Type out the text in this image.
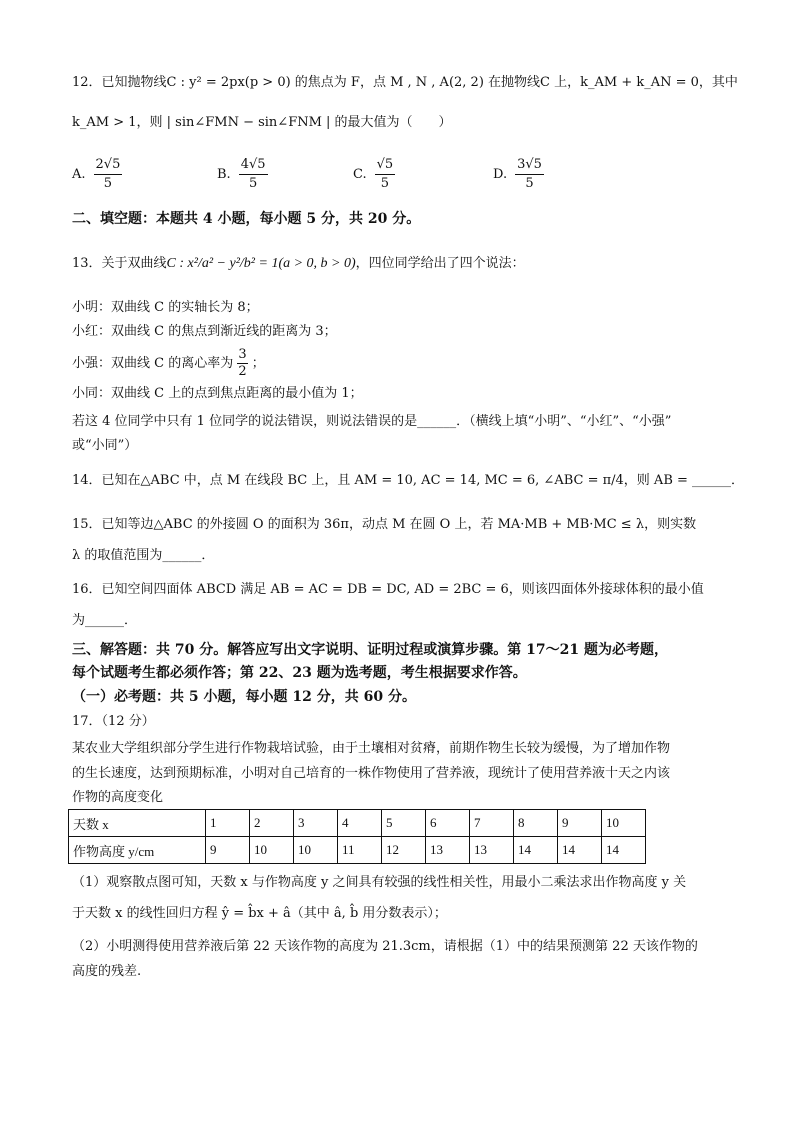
12．已知抛物线C : y² = 2px(p > 0) 的焦点为 F，点 M , N , A(2, 2) 在抛物线C 上，k_AM + k_AN = 0，其中
k_AM > 1，则 | sin∠FMN − sin∠FNM | 的最大值为（　　）
A. $\frac{2√5}{5}$	B. $\frac{4√5}{5}$	C. $\frac{√5}{5}$	D. $\frac{3√5}{5}$
二、填空题：本题共 4 小题，每小题 5 分，共 20 分。
13．关于双曲线C : x²/a² − y²/b² = 1(a > 0, b > 0)，四位同学给出了四个说法：
小明：双曲线 C 的实轴长为 8；
小红：双曲线 C 的焦点到渐近线的距离为 3；
小强：双曲线 C 的离心率为 $\frac{3}{2}$ ；
小同：双曲线 C 上的点到焦点距离的最小值为 1；
若这 4 位同学中只有 1 位同学的说法错误，则说法错误的是______．（横线上填“小明”、“小红”、“小强”
或“小同”）
14．已知在△ABC 中，点 M 在线段 BC 上，且 AM = 10, AC = 14, MC = 6, ∠ABC = π/4，则 AB = ______．
15．已知等边△ABC 的外接圆 O 的面积为 36π，动点 M 在圆 O 上，若 MA·MB + MB·MC ≤ λ，则实数
λ 的取值范围为______．
16．已知空间四面体 ABCD 满足 AB = AC = DB = DC, AD = 2BC = 6，则该四面体外接球体积的最小值
为______．
三、解答题：共 70 分。解答应写出文字说明、证明过程或演算步骤。第 17～21 题为必考题，
每个试题考生都必须作答；第 22、23 题为选考题，考生根据要求作答。
（一）必考题：共 5 小题，每小题 12 分，共 60 分。
17．（12 分）
某农业大学组织部分学生进行作物栽培试验，由于土壤相对贫瘠，前期作物生长较为缓慢，为了增加作物
的生长速度，达到预期标准，小明对自己培育的一株作物使用了营养液，现统计了使用营养液十天之内该
作物的高度变化
天数 x	1	2	3	4	5	6	7	8	9	10
作物高度 y/cm	9	10	10	11	12	13	13	14	14	14
（1）观察散点图可知，天数 x 与作物高度 y 之间具有较强的线性相关性，用最小二乘法求出作物高度 y 关
于天数 x 的线性回归方程 ŷ = b̂x + â（其中 â, b̂ 用分数表示）；
（2）小明测得使用营养液后第 22 天该作物的高度为 21.3cm，请根据（1）中的结果预测第 22 天该作物的
高度的残差.
